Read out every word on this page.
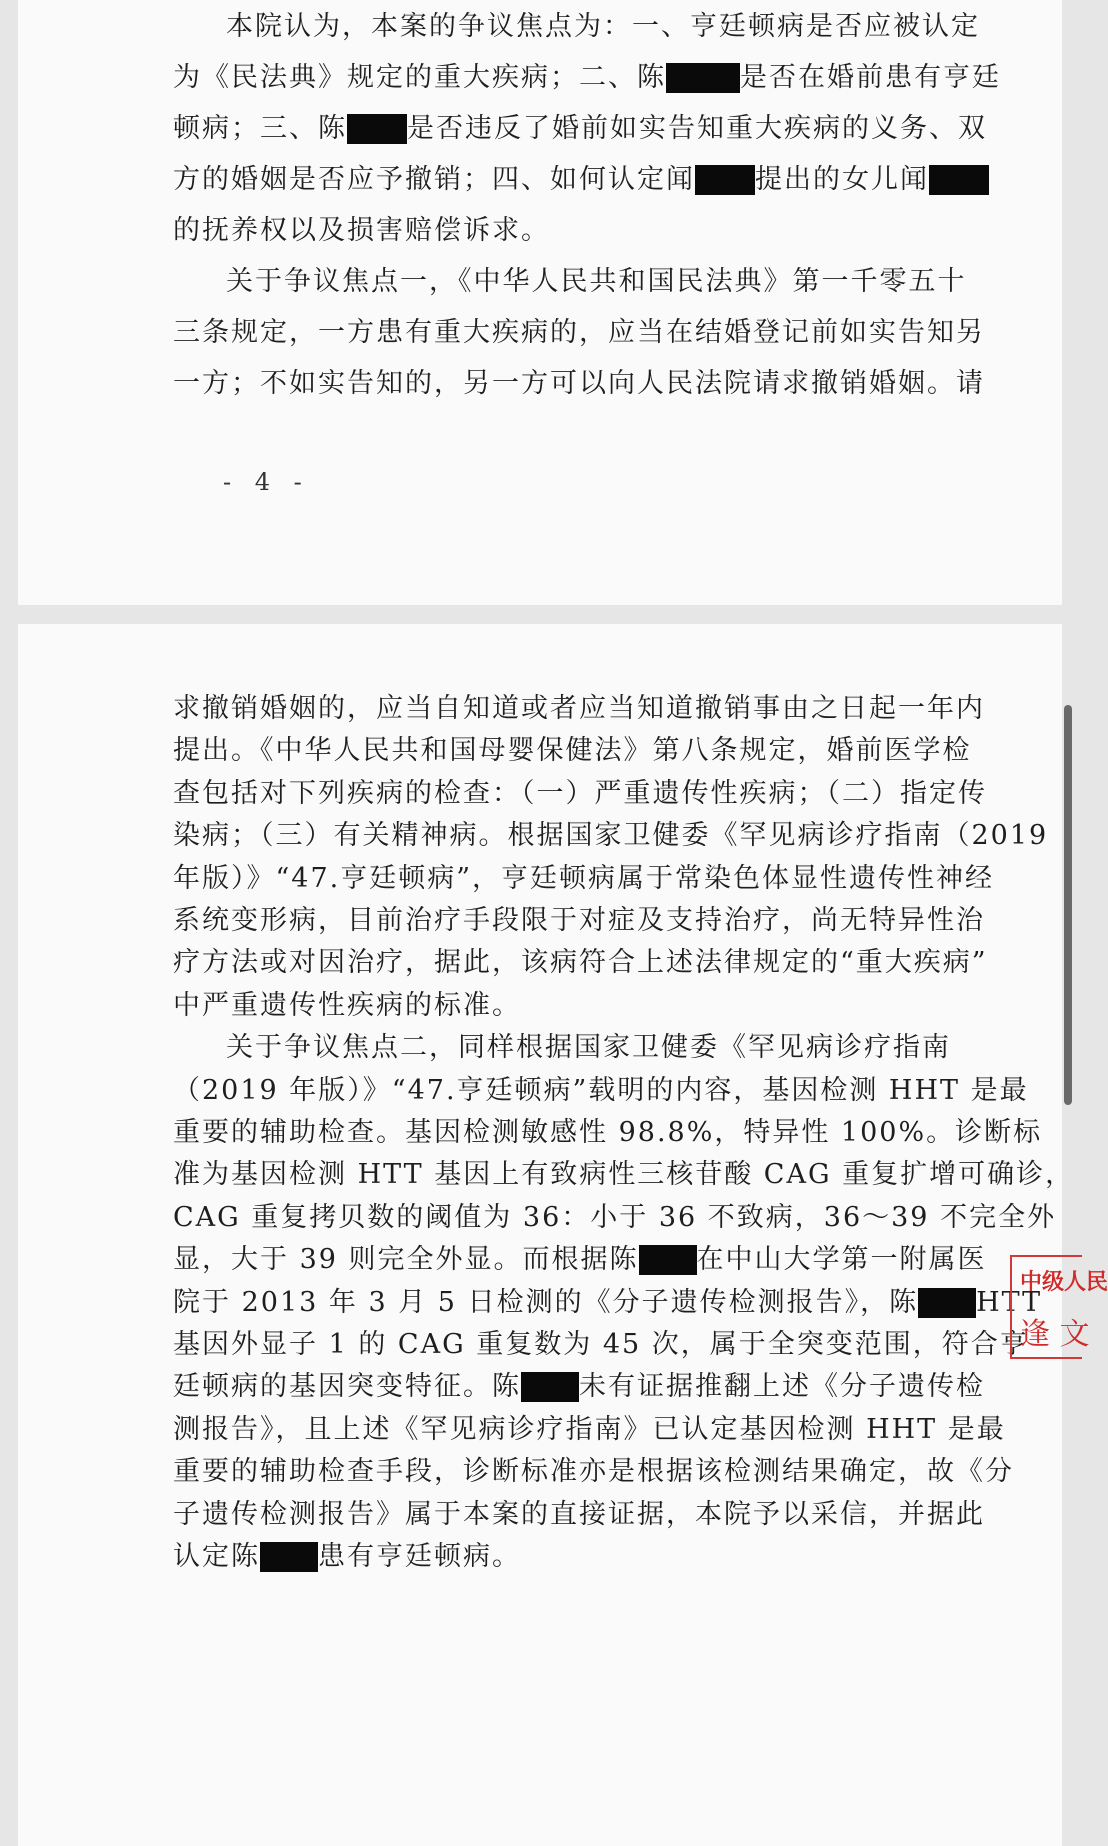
本院认为，本案的争议焦点为：一、亨廷顿病是否应被认定
为《民法典》规定的重大疾病；二、陈	是否在婚前患有亨廷
顿病；三、陈 是否违反了婚前如实告知重大疾病的义务、双
方的婚姻是否应予撤销；四、如何认定闻 提出的女儿闻
的抚养权以及损害赔偿诉求。
关于争议焦点一，《中华人民共和国民法典》第一千零五十
三条规定，一方患有重大疾病的，应当在结婚登记前如实告知另
一方；不如实告知的，另一方可以向人民法院请求撤销婚姻。请
- 4 -
求撤销婚姻的，应当自知道或者应当知道撤销事由之日起一年内
提出。《中华人民共和国母婴保健法》第八条规定，婚前医学检
查包括对下列疾病的检查：（一）严重遗传性疾病；（二）指定传
染病；（三）有关精神病。根据国家卫健委《罕见病诊疗指南（2019
年版）》“47.亨廷顿病”，亨廷顿病属于常染色体显性遗传性神经
系统变形病，目前治疗手段限于对症及支持治疗，尚无特异性治
疗方法或对因治疗，据此，该病符合上述法律规定的“重大疾病”
中严重遗传性疾病的标准。
关于争议焦点二，同样根据国家卫健委《罕见病诊疗指南
（2019 年版）》“47.亨廷顿病”载明的内容，基因检测 HHT 是最
重要的辅助检查。基因检测敏感性 98.8%，特异性 100%。诊断标
准为基因检测 HTT 基因上有致病性三核苷酸 CAG 重复扩增可确诊，
CAG 重复拷贝数的阈值为 36：小于 36 不致病，36～39 不完全外
显，大于 39 则完全外显。而根据陈 在中山大学第一附属医
院于 2013 年 3 月 5 日检测的《分子遗传检测报告》，陈 HTT
基因外显子 1 的 CAG 重复数为 45 次，属于全突变范围，符合亨
廷顿病的基因突变特征。陈 未有证据推翻上述《分子遗传检
测报告》，且上述《罕见病诊疗指南》已认定基因检测 HHT 是最
重要的辅助检查手段，诊断标准亦是根据该检测结果确定，故《分
子遗传检测报告》属于本案的直接证据，本院予以采信，并据此
认定陈 患有亨廷顿病。
中级人民
逢 文
